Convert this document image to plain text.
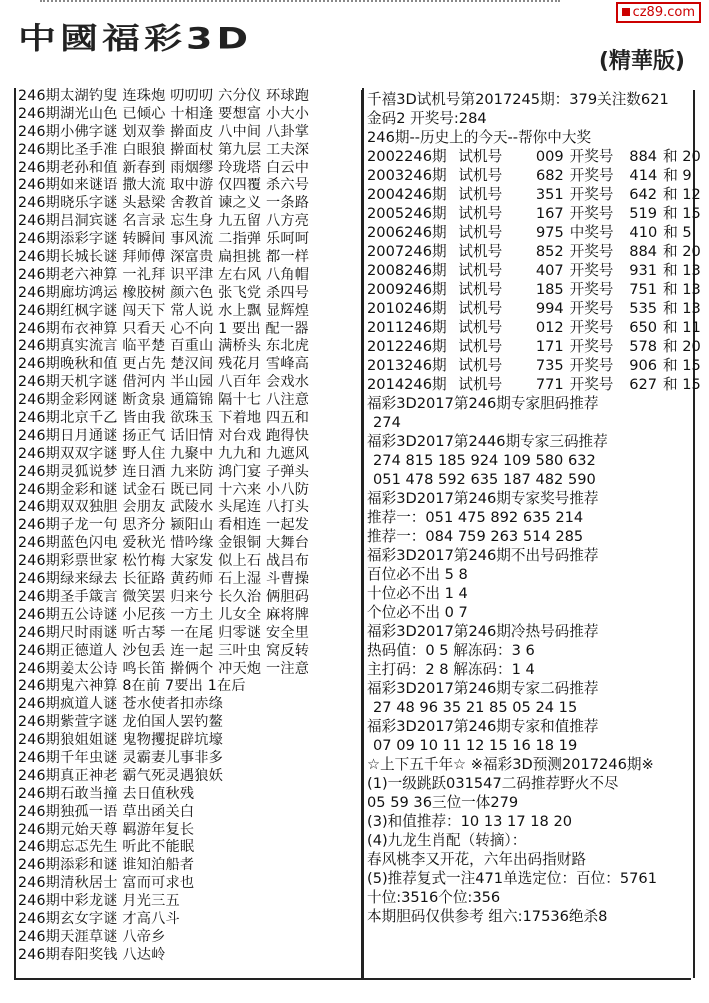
cz89.com
中國福彩3D
(精華版)
246期太湖钓叟 连珠炮 叨叨叨 六分仪 环球跑
246期湖光山色 已倾心 十相逢 要想富 小大小
246期小佛字谜 划双拳 擀面皮 八中间 八卦掌
246期比圣手准 白眼狼 擀面杖 第九层 工夫深
246期老孙和值 新春到 雨烟缪 玲珑塔 白云中
246期如来谜语 撒大流 取中游 仅四覆 杀六号
246期晓乐字谜 头悬梁 舍教首 谏之义 一条路
246期吕洞宾谜 名言录 忘生身 九五留 八方亮
246期添彩字谜 转瞬间 事风流 二指弹 乐呵呵
246期长城长谜 拜师傅 深富贵 扁担挑 都一样
246期老六神算 一礼拜 识平津 左右风 八角帽
246期廊坊鸿运 橡胶树 颜六色 张飞党 杀四号
246期红枫字谜 闯天下 常人说 水上飘 显辉煌
246期布衣神算 只看天 心不向 1 要出 配一器
246期真实流言 临平楚 百重山 满桥头 东北虎
246期晚秋和值 更占先 楚汉间 残花月 雪峰高
246期天机字谜 借河内 半山园 八百年 会戏水
246期金彩网谜 断贪泉 通篇锦 隔十七 八注意
246期北京千乙 皆由我 欲珠玉 下着地 四五和
246期日月通谜 扬正气 话旧情 对台戏 跑得快
246期双双字谜 野人住 九聚中 九九和 九遮风
246期灵狐说梦 连日酒 九来防 鸿门宴 子弹头
246期金彩和谜 试金石 既已同 十六来 小八防
246期双双独胆 会朋友 武陵水 头尾连 八打头
246期子龙一句 思齐分 颍阳山 看相连 一起发
246期蓝色闪电 爱秋光 惜吟缘 金银铜 大舞台
246期彩票世家 松竹梅 大家发 似上石 战吕布
246期绿来绿去 长征路 黄药师 石上湿 斗曹操
246期圣手箴言 微笑罢 归来兮 长久治 俩胆码
246期五公诗谜 小尼孩 一方土 儿女全 麻将牌
246期尺时雨谜 听古琴 一在尾 归零谜 安全里
246期正德道人 沙包丢 连一起 三叶虫 窝反转
246期姜太公诗 鸣长笛 擀俩个 冲天炮 一注意
246期鬼六神算 8在前 7要出 1在后
246期疯道人谜 苍水使者扣赤绦
246期紫萱字谜 龙伯国人罢钓鳌
246期狼姐姐谜 鬼物攫捉辟坑壕
246期千年虫谜 灵霸妻儿事非多
246期真正神老 霸气死灵遇狼妖
246期石敢当撞 去日值秋残
246期独孤一语 草出函关白
246期元始天尊 羁游年复长
246期忘忑先生 听此不能眠
246期添彩和谜 谁知泊船者
246期清秋居士 富而可求也
246期中彩龙谜 月光三五
246期玄女字谜 才高八斗
246期天涯草谜 八帝乡
246期春阳奖钱 八达岭
千禧3D试机号第2017245期：379关注数621
金码2 开奖号:284
246期--历史上的今天--帮你中大奖
2002246期 试机号	009 开奖号	884 和 20
2003246期 试机号	682 开奖号	414 和 9
2004246期 试机号	351 开奖号	642 和 12
2005246期 试机号	167 开奖号	519 和 15
2006246期 试机号	975 中奖号	410 和 5
2007246期 试机号	852 开奖号	884 和 20
2008246期 试机号	407 开奖号	931 和 13
2009246期 试机号	185 开奖号	751 和 13
2010246期 试机号	994 开奖号	535 和 13
2011246期 试机号	012 开奖号	650 和 11
2012246期 试机号	171 开奖号	578 和 20
2013246期 试机号	735 开奖号	906 和 15
2014246期 试机号	771 开奖号	627 和 15
福彩3D2017第246期专家胆码推荐
274
福彩3D2017第2446期专家三码推荐
274 815 185 924 109 580 632
051 478 592 635 187 482 590
福彩3D2017第246期专家奖号推荐
推荐一：051 475 892 635 214
推荐一：084 759 263 514 285
福彩3D2017第246期不出号码推荐
百位必不出 5 8
十位必不出 1 4
个位必不出 0 7
福彩3D2017第246期冷热号码推荐
热码值：0 5 解冻码：3 6
主打码：2 8 解冻码：1 4
福彩3D2017第246期专家二码推荐
27 48 96 35 21 85 05 24 15
福彩3D2017第246期专家和值推荐
07 09 10 11 12 15 16 18 19
☆上下五千年☆ ※福彩3D预测2017246期※
(1)一级跳跃031547二码推荐野火不尽
05 59 36三位一体279
(3)和值推荐：10 13 17 18 20
(4)九龙生肖配（转摘）：
春风桃李又开花，六年出码指财路
(5)推荐复式一注471单选定位：百位：5761
十位:3516个位:356
本期胆码仅供参考 组六:17536绝杀8
